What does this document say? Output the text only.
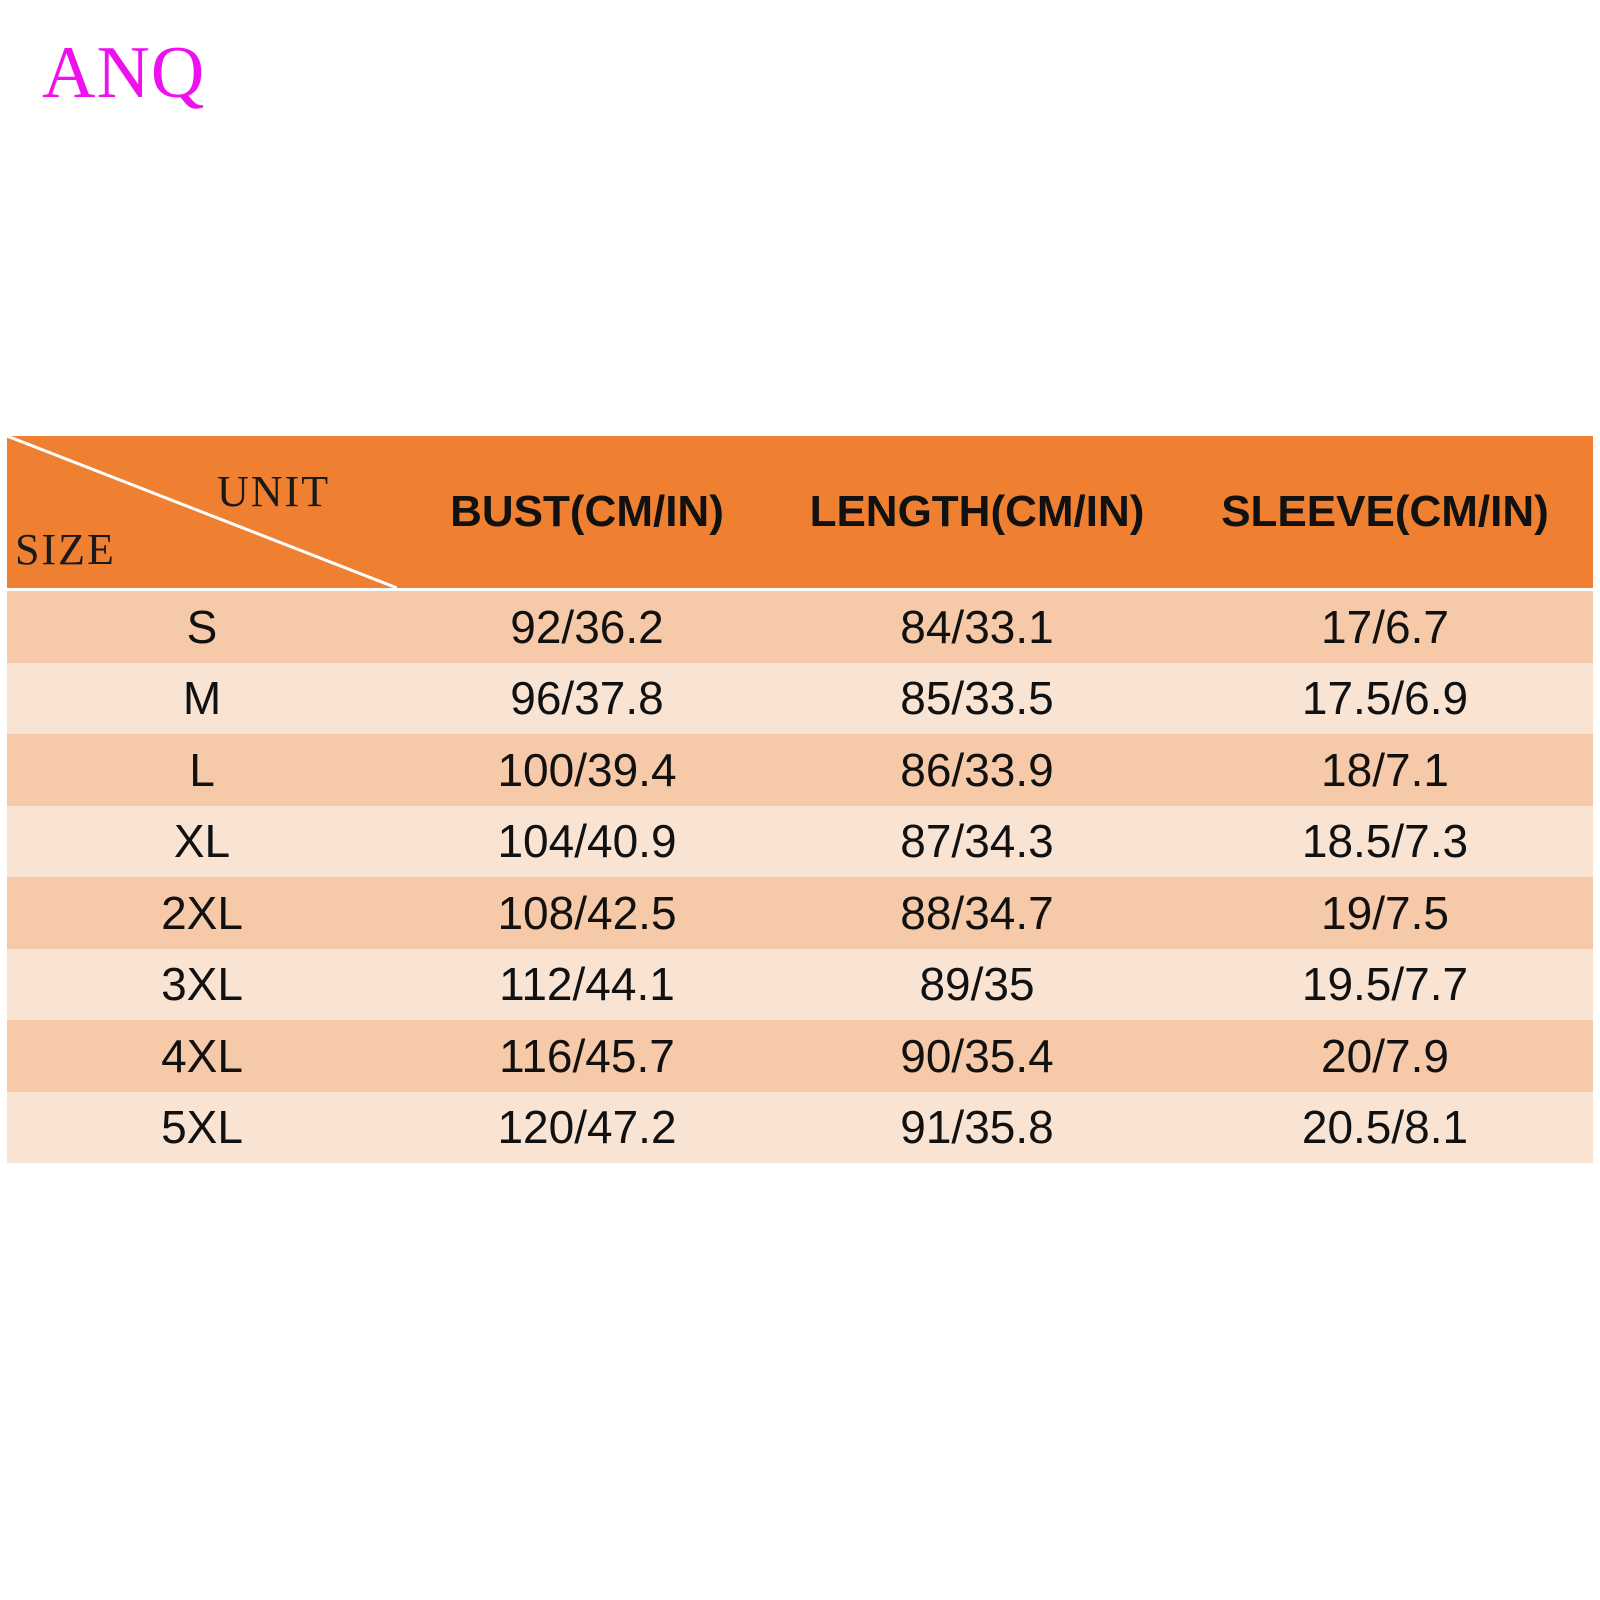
ANQ
UNIT
SIZE
BUST(CM/IN)	LENGTH(CM/IN)	SLEEVE(CM/IN)
S	92/36.2	84/33.1	17/6.7
M	96/37.8	85/33.5	17.5/6.9
L	100/39.4	86/33.9	18/7.1
XL	104/40.9	87/34.3	18.5/7.3
2XL	108/42.5	88/34.7	19/7.5
3XL	112/44.1	89/35	19.5/7.7
4XL	116/45.7	90/35.4	20/7.9
5XL	120/47.2	91/35.8	20.5/8.1
